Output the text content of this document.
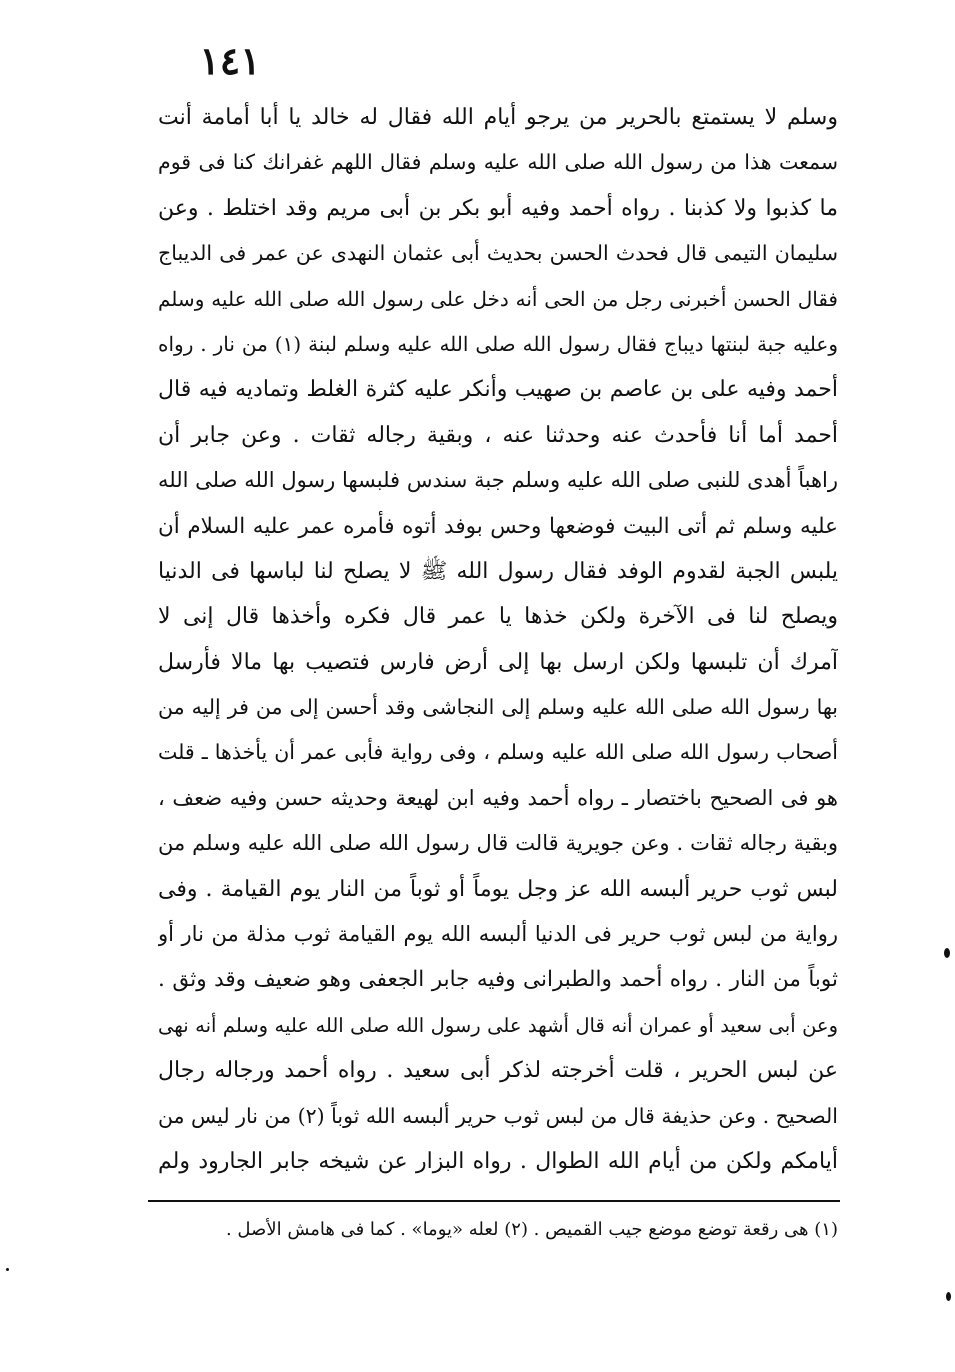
١٤١
وسلم لا يستمتع بالحرير من يرجو أيام الله فقال له خالد يا أبا أمامة أنت
سمعت هذا من رسول الله صلى الله عليه وسلم فقال اللهم غفرانك كنا فى قوم
ما كذبوا ولا كذبنا . رواه أحمد وفيه أبو بكر بن أبى مريم وقد اختلط . وعن
سليمان التيمى قال فحدث الحسن بحديث أبى عثمان النهدى عن عمر فى الديباج
فقال الحسن أخبرنى رجل من الحى أنه دخل على رسول الله صلى الله عليه وسلم
وعليه جبة لبنتها ديباج فقال رسول الله صلى الله عليه وسلم لبنة (١) من نار . رواه
أحمد وفيه على بن عاصم بن صهيب وأنكر عليه كثرة الغلط وتماديه فيه قال
أحمد أما أنا فأحدث عنه وحدثنا عنه ، وبقية رجاله ثقات . وعن جابر أن
راهباً أهدى للنبى صلى الله عليه وسلم جبة سندس فلبسها رسول الله صلى الله
عليه وسلم ثم أتى البيت فوضعها وحس بوفد أتوه فأمره عمر عليه السلام أن
يلبس الجبة لقدوم الوفد فقال رسول الله ﷺ لا يصلح لنا لباسها فى الدنيا
ويصلح لنا فى الآخرة ولكن خذها يا عمر قال فكره وأخذها قال إنى لا
آمرك أن تلبسها ولكن ارسل بها إلى أرض فارس فتصيب بها مالا فأرسل
بها رسول الله صلى الله عليه وسلم إلى النجاشى وقد أحسن إلى من فر إليه من
أصحاب رسول الله صلى الله عليه وسلم ، وفى رواية فأبى عمر أن يأخذها ـ قلت
هو فى الصحيح باختصار ـ رواه أحمد وفيه ابن لهيعة وحديثه حسن وفيه ضعف ،
وبقية رجاله ثقات . وعن جويرية قالت قال رسول الله صلى الله عليه وسلم من
لبس ثوب حرير ألبسه الله عز وجل يوماً أو ثوباً من النار يوم القيامة . وفى
رواية من لبس ثوب حرير فى الدنيا ألبسه الله يوم القيامة ثوب مذلة من نار أو
ثوباً من النار . رواه أحمد والطبرانى وفيه جابر الجعفى وهو ضعيف وقد وثق .
وعن أبى سعيد أو عمران أنه قال أشهد على رسول الله صلى الله عليه وسلم أنه نهى
عن لبس الحرير ، قلت أخرجته لذكر أبى سعيد . رواه أحمد ورجاله رجال
الصحيح . وعن حذيفة قال من لبس ثوب حرير ألبسه الله ثوباً (٢) من نار ليس من
أيامكم ولكن من أيام الله الطوال . رواه البزار عن شيخه جابر الجارود ولم
(١) هى رقعة توضع موضع جيب القميص . (٢) لعله «يوما» . كما فى هامش الأصل .
